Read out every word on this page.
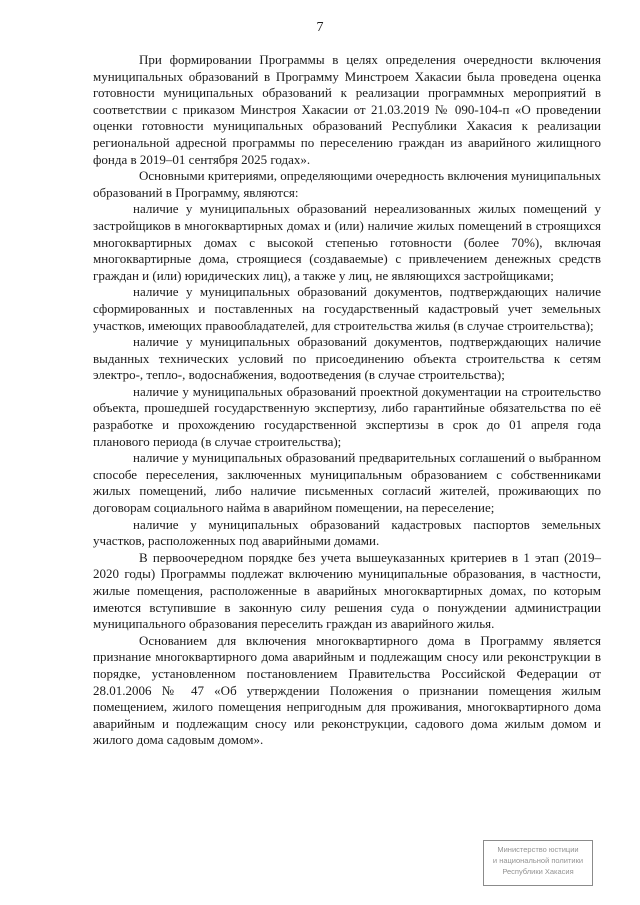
7

При формировании Программы в целях определения очередности включения муниципальных образований в Программу Минстроем Хакасии была проведена оценка готовности муниципальных образований к реализации программных мероприятий в соответствии с приказом Минстроя Хакасии от 21.03.2019 № 090-104-п «О проведении оценки готовности муниципальных образований Республики Хакасия к реализации региональной адресной программы по переселению граждан из аварийного жилищного фонда в 2019–01 сентября 2025 годах».

Основными критериями, определяющими очередность включения муниципальных образований в Программу, являются:

наличие у муниципальных образований нереализованных жилых помещений у застройщиков в многоквартирных домах и (или) наличие жилых помещений в строящихся многоквартирных домах с высокой степенью готовности (более 70%), включая многоквартирные дома, строящиеся (создаваемые) с привлечением денежных средств граждан и (или) юридических лиц), а также у лиц, не являющихся застройщиками;

наличие у муниципальных образований документов, подтверждающих наличие сформированных и поставленных на государственный кадастровый учет земельных участков, имеющих правообладателей, для строительства жилья (в случае строительства);

наличие у муниципальных образований документов, подтверждающих наличие выданных технических условий по присоединению объекта строительства к сетям электро-, тепло-, водоснабжения, водоотведения (в случае строительства);

наличие у муниципальных образований проектной документации на строительство объекта, прошедшей государственную экспертизу, либо гарантийные обязательства по её разработке и прохождению государственной экспертизы в срок до 01 апреля года планового периода (в случае строительства);

наличие у муниципальных образований предварительных соглашений о выбранном способе переселения, заключенных муниципальным образованием с собственниками жилых помещений, либо наличие письменных согласий жителей, проживающих по договорам социального найма в аварийном помещении, на переселение;

наличие у муниципальных образований кадастровых паспортов земельных участков, расположенных под аварийными домами.

В первоочередном порядке без учета вышеуказанных критериев в 1 этап (2019–2020 годы) Программы подлежат включению муниципальные образования, в частности, жилые помещения, расположенные в аварийных многоквартирных домах, по которым имеются вступившие в законную силу решения суда о понуждении администрации муниципального образования переселить граждан из аварийного жилья.

Основанием для включения многоквартирного дома в Программу является признание многоквартирного дома аварийным и подлежащим сносу или реконструкции в порядке, установленном постановлением Правительства Российской Федерации от 28.01.2006 № 47 «Об утверждении Положения о признании помещения жилым помещением, жилого помещения непригодным для проживания, многоквартирного дома аварийным и подлежащим сносу или реконструкции, садового дома жилым домом и жилого дома садовым домом».

Министерство юстиции
и национальной политики
Республики Хакасия
